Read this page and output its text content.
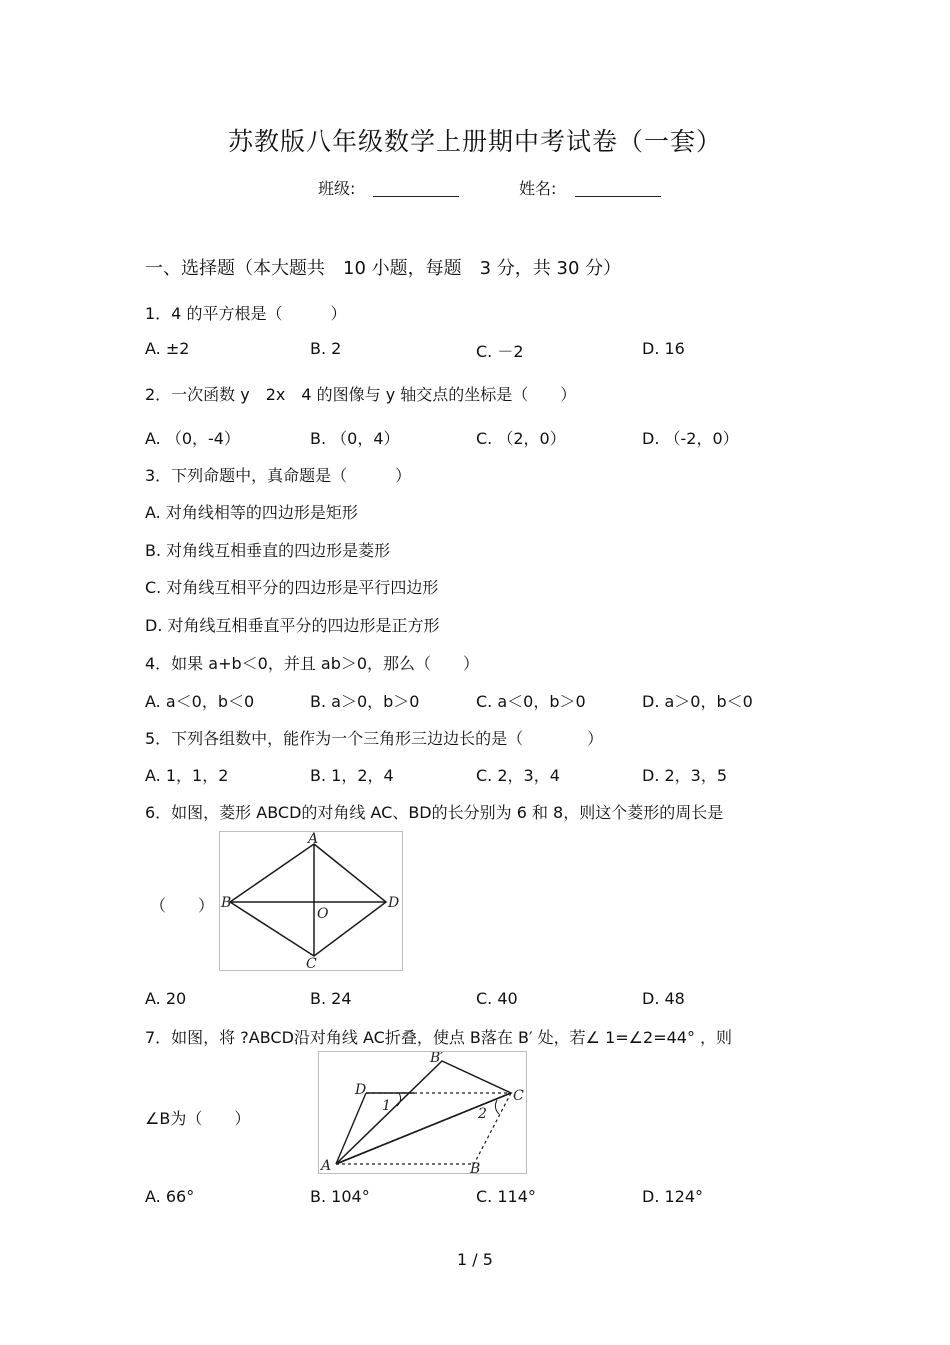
苏教版八年级数学上册期中考试卷（一套）
班级:	姓名:
一、选择题（本大题共　10 小题，每题　3 分，共 30 分）
1．4 的平方根是（　　　）
A. ±2	B. 2	C. －2	D. 16
2．一次函数 y　2x　4 的图像与 y 轴交点的坐标是（　　）
A. （0，-4）	B. （0，4）	C. （2，0）	D. （-2，0）
3．下列命题中，真命题是（　　　）
A. 对角线相等的四边形是矩形
B. 对角线互相垂直的四边形是菱形
C. 对角线互相平分的四边形是平行四边形
D. 对角线互相垂直平分的四边形是正方形
4．如果 a+b＜0，并且 ab＞0，那么（　　）
A. a＜0，b＜0	B. a＞0，b＞0	C. a＜0，b＞0	D. a＞0，b＜0
5．下列各组数中，能作为一个三角形三边边长的是（　　　　）
A. 1，1，2	B. 1，2，4	C. 2，3，4	D. 2，3，5
6．如图，菱形 ABCD的对角线 AC、BD的长分别为 6 和 8，则这个菱形的周长是
（　　）
A
B
C
D
O
A. 20	B. 24	C. 40	D. 48
7．如图，将 ?ABCD沿对角线 AC折叠，使点 B落在 B′ 处，若∠ 1=∠2=44° ，则
∠B为（　　）
D
B′
C
A	B
1	2
A. 66°	B. 104°	C. 114°	D. 124°
1 / 5
